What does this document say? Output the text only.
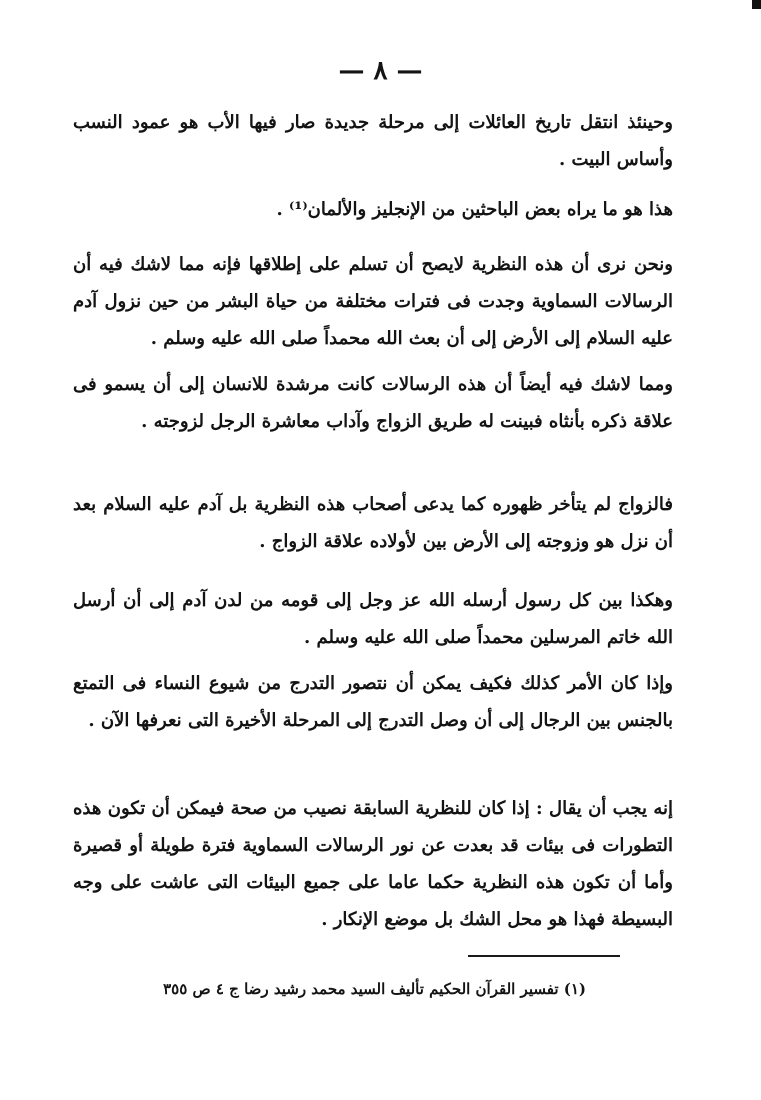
— ٨ —

وحينئذ انتقل تاريخ العائلات إلى مرحلة جديدة صار فيها الأب هو عمود النسب وأساس البيت .

هذا هو ما يراه بعض الباحثين من الإنجليز والألمان⁽¹⁾ .

ونحن نرى أن هذه النظرية لايصح أن تسلم على إطلاقها فإنه مما لاشك فيه أن الرسالات السماوية وجدت فى فترات مختلفة من حياة البشر من حين نزول آدم عليه السلام إلى الأرض إلى أن بعث الله محمداً صلى الله عليه وسلم .

ومما لاشك فيه أيضاً أن هذه الرسالات كانت مرشدة للانسان إلى أن يسمو فى علاقة ذكره بأنثاه فبينت له طريق الزواج وآداب معاشرة الرجل لزوجته .

فالزواج لم يتأخر ظهوره كما يدعى أصحاب هذه النظرية بل آدم عليه السلام بعد أن نزل هو وزوجته إلى الأرض بين لأولاده علاقة الزواج .

وهكذا بين كل رسول أرسله الله عز وجل إلى قومه من لدن آدم إلى أن أرسل الله خاتم المرسلين محمداً صلى الله عليه وسلم .

وإذا كان الأمر كذلك فكيف يمكن أن نتصور التدرج من شيوع النساء فى التمتع بالجنس بين الرجال إلى أن وصل التدرج إلى المرحلة الأخيرة التى نعرفها الآن .

إنه يجب أن يقال : إذا كان للنظرية السابقة نصيب من صحة فيمكن أن تكون هذه التطورات فى بيئات قد بعدت عن نور الرسالات السماوية فترة طويلة أو قصيرة وأما أن تكون هذه النظرية حكما عاما على جميع البيئات التى عاشت على وجه البسيطة فهذا هو محل الشك بل موضع الإنكار .

(١) تفسير القرآن الحكيم تأليف السيد محمد رشيد رضا ج ٤ ص ٣٥٥
